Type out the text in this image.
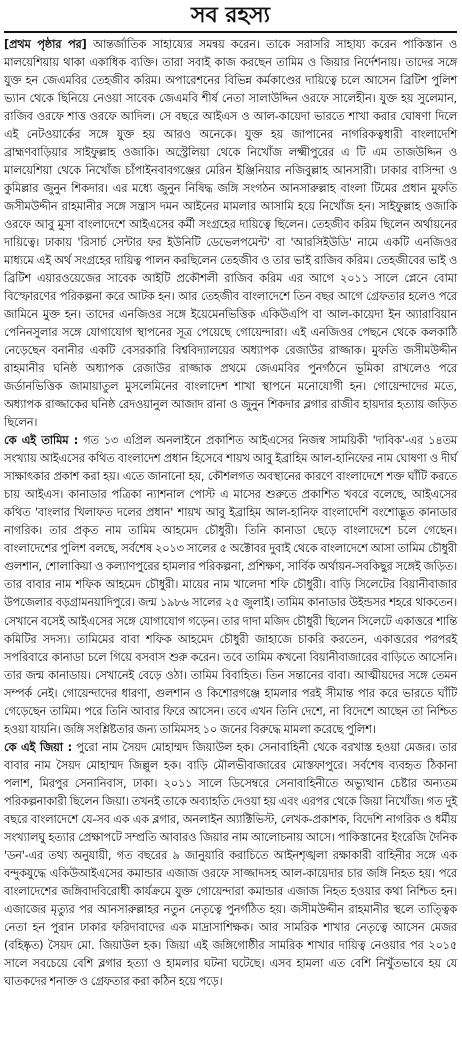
সব রহস্য

[প্রথম পৃষ্ঠার পর] আন্তর্জাতিক সাহায্যের সমন্বয় করেন। তাকে সরাসরি সাহায্য করেন পাকিস্তান ও মালয়েশিয়ায় থাকা একাধিক ব্যক্তি। তারা সবাই কাজ করছেন তামিম ও জিয়ার নির্দেশনায়। তাদের সঙ্গে যুক্ত হন জেএমবির তেহজীব করিম। অপারেশনের বিভিন্ন কর্মকাণ্ডের দায়িত্বে চলে আসেন ব্রিটিশ পুলিশ ভ্যান থেকে ছিনিয়ে নেওয়া সাবেক জেএমবি শীর্ষ নেতা সালাউদ্দিন ওরফে সালেহীন। যুক্ত হয় সুলেমান, রাজিব ওরফে শাত্ত ওরফে আদিল। সে বছরে আইএস ও আল-কায়েদা ভারতে শাখা করার ঘোষণা দিলে এই নেটওয়ার্কের সঙ্গে যুক্ত হয় আরও অনেকে। যুক্ত হয় জাপানের নাগরিকত্বধারী বাংলাদেশি ব্রাহ্মণবাড়িয়ার সাইফুল্লাহ ওজাকি। অস্ট্রেলিয়া থেকে নিখোঁজ লক্ষ্মীপুরের এ টি এম তাজউদ্দিন ও মালয়েশিয়া থেকে নিখোঁজ চাঁপাইনবাবগঞ্জের মেরিন ইঞ্জিনিয়ার নজিবুল্লাহ আনসারী। ঢাকার বাসিন্দা ও কুমিল্লার জুনুন শিকদার। এর মধ্যে জুনুন নিষিদ্ধ জঙ্গি সংগঠন আনসারুল্লাহ বাংলা টিমের প্রধান মুফতি জসীমউদ্দীন রাহমানীর সঙ্গে সন্ত্রাস দমন আইনের মামলার আসামি হয়ে নিখোঁজ হন। সাইফুল্লাহ ওজাকি ওরফে আবু মুসা বাংলাদেশে আইএসের কর্মী সংগ্রহের দায়িত্বে ছিলেন। তেহজীব করিম ছিলেন অর্থায়নের দায়িত্বে। ঢাকায় 'রিসার্চ সেন্টার ফর ইউনিটি ডেভেলপমেন্ট' বা 'আরসিইউডি' নামে একটি এনজিওর মাধ্যমে এই অর্থ সংগ্রহের দায়িত্ব পালন করছিলেন তেহজীব ও তার ভাই রাজিব করিম। তেহজীবের ভাই ও ব্রিটিশ এয়ারওয়েজের সাবেক আইটি প্রকৌশলী রাজিব করিম এর আগে ২০১১ সালে প্লেনে বোমা বিস্ফোরণের পরিকল্পনা করে আটক হন। আর তেহজীব বাংলাদেশে তিন বছর আগে গ্রেফতার হলেও পরে জামিনে মুক্ত হন। তাদের এনজিওর সঙ্গে ইয়েমেনভিত্তিক একিউএপি বা আল-কায়েদা ইন অ্যারাবিয়ান পেনিনসুলার সঙ্গে যোগাযোগ স্থাপনের সূত্র পেয়েছে গোয়েন্দারা। এই এনজিওর পেছনে থেকে কলকাঠি নেড়েছেন বনানীর একটি বেসরকারি বিশ্ববিদ্যালয়ের অধ্যাপক রেজাউর রাজ্জাক। মুফতি জসীমউদ্দীন রাহমানীর ঘনিষ্ঠ অধ্যাপক রেজাউর রাজ্জাক প্রথমে জেএমবির পুনর্গঠনে ভূমিকা রাখলেও পরে জর্ডানভিত্তিক জামায়াতুল মুসলেমিনের বাংলাদেশ শাখা স্থাপনে মনোযোগী হন। গোয়েন্দাদের মতে, অধ্যাপক রাজ্জাকের ঘনিষ্ঠ রেদওয়ানুল আজাদ রানা ও জুনুন শিকদার ব্লগার রাজীব হায়দার হত্যায় জড়িত ছিলেন।

কে এই তামিম : গত ১৩ এপ্রিল অনলাইনে প্রকাশিত আইএসের নিজস্ব সাময়িকী 'দাবিক'-এর ১৪তম সংখ্যায় আইএসের কথিত বাংলাদেশ প্রধান হিসেবে শায়খ আবু ইব্রাহিম আল-হানিফের নাম ঘোষণা ও দীর্ঘ সাক্ষাৎকার প্রকাশ করা হয়। এতে জানানো হয়, কৌশলগত অবস্থানের কারণে বাংলাদেশে শক্ত ঘাঁটি করতে চায় আইএস। কানাডার পত্রিকা ন্যাশনাল পোস্ট এ মাসের শুরুতে প্রকাশিত খবরে বলেছে, আইএসের কথিত 'বাংলার খিলাফত দলের প্রধান' শায়খ আবু ইব্রাহিম আল-হানিফ বাংলাদেশি বংশোদ্ভূত কানাডার নাগরিক। তার প্রকৃত নাম তামিম আহমেদ চৌধুরী। তিনি কানাডা ছেড়ে বাংলাদেশে চলে গেছেন। বাংলাদেশের পুলিশ বলছে, সর্বশেষ ২০১৩ সালের ৫ অক্টোবর দুবাই থেকে বাংলাদেশে আসা তামিম চৌধুরী গুলশান, শোলাকিয়া ও কল্যাণপুরের হামলার পরিকল্পনা, প্রশিক্ষণ, সার্বিক অর্থায়ন-সবকিছুর সঙ্গেই জড়িত। তার বাবার নাম শফিক আহমেদ চৌধুরী। মায়ের নাম খালেদা শফি চৌধুরী। বাড়ি সিলেটের বিয়ানীবাজার উপজেলার বড়গ্রামনয়াদিপুরে। জন্ম ১৯৮৬ সালের ২৫ জুলাই। তামিম কানাডার উইন্ডসর শহরে থাকতেন। সেখানে বসেই আইএসের সঙ্গে যোগাযোগ গড়েন। তার দাদা মজিদ চৌধুরী ছিলেন সিলেটে একাত্তরে শান্তি কমিটির সদস্য। তামিমের বাবা শফিক আহমেদ চৌধুরী জাহাজে চাকরি করতেন, একাত্তরের পরপরই সপরিবারে কানাডা চলে গিয়ে বসবাস শুরু করেন। তবে তামিম কখনো বিয়ানীবাজারের বাড়িতে আসেনি। তার জন্ম কানাডায়। সেখানেই বেড়ে ওঠা। তামিম বিবাহিত। তিন সন্তানের বাবা। আত্মীয়দের সঙ্গে তেমন সম্পর্ক নেই। গোয়েন্দাদের ধারণা, গুলশান ও কিশোরগঞ্জে হামলার পরই সীমান্ত পার করে ভারতে ঘাঁটি গেড়েছেন তামিম। পরে তিনি আবার ফিরে আসেন। তবে এখন তিনি দেশে, না বিদেশে আছেন তা নিশ্চিত হওয়া যায়নি। জঙ্গি সংশ্লিষ্টতার জন্য তামিমসহ ১০ জনের বিরুদ্ধে মামলা করেছে পুলিশ।

কে এই জিয়া : পুরো নাম সৈয়দ মোহাম্মদ জিয়াউল হক। সেনাবাহিনী থেকে বরখাস্ত হওয়া মেজর। তার বাবার নাম সৈয়দ মোহাম্মদ জিল্লুল হক। বাড়ি মৌলভীবাজারের মোস্তফাপুরে। সর্বশেষ ব্যবহৃত ঠিকানা পলাশ, মিরপুর সেনানিবাস, ঢাকা। ২০১১ সালে ডিসেম্বরে সেনাবাহিনীতে অভ্যুত্থান চেষ্টার অন্যতম পরিকল্পনাকারী ছিলেন জিয়া। তখনই তাকে অব্যাহতি দেওয়া হয় এবং এরপর থেকে জিয়া নিখোঁজ। গত দুই বছরে বাংলাদেশে যে-সব এক এক ব্লগার, অনলাইন অ্যাক্টিভিস্ট, লেখক-প্রকাশক, বিদেশি নাগরিক ও ধর্মীয় সংখ্যালঘু হত্যার প্রেক্ষাপটে সম্প্রতি আবারও জিয়ার নাম আলোচনায় আসে। পাকিস্তানের ইংরেজি দৈনিক 'ডন'-এর তথ্য অনুযায়ী, গত বছরের ৯ জানুয়ারি করাচিতে আইনশৃঙ্খলা রক্ষাকারী বাহিনীর সঙ্গে এক বন্দুকযুদ্ধে একিউআইএসের কমান্ডার এজাজ ওরফে সাজ্জাদসহ আল-কায়েদার চার জঙ্গি নিহত হয়। পরে বাংলাদেশের জঙ্গিবাদবিরোধী কার্যক্রমে যুক্ত গোয়েন্দারা কমান্ডার এজাজ নিহত হওয়ার কথা নিশ্চিত হন। এজাজের মৃত্যুর পর আনসারুল্লাহর নতুন নেতৃত্বে পুনর্গঠিত হয়। জসীমউদ্দীন রাহমানীর স্থলে তাত্ত্বিক নেতা হন পুরান ঢাকার ফরিদাবাদের এক মাদ্রাসাশিক্ষক। আর সামরিক শাখার নেতৃত্বে আসেন মেজর (বহিষ্কৃত) সৈয়দ মো. জিয়াউল হক। জিয়া এই জঙ্গিগোষ্ঠীর সামরিক শাখার দায়িত্ব নেওয়ার পর ২০১৫ সালে সবচেয়ে বেশি ব্লগার হত্যা ও হামলার ঘটনা ঘটেছে। এসব হামলা এত বেশি নিখুঁতভাবে হয় যে ঘাতকদের শনাক্ত ও গ্রেফতার করা কঠিন হয়ে পড়ে।
